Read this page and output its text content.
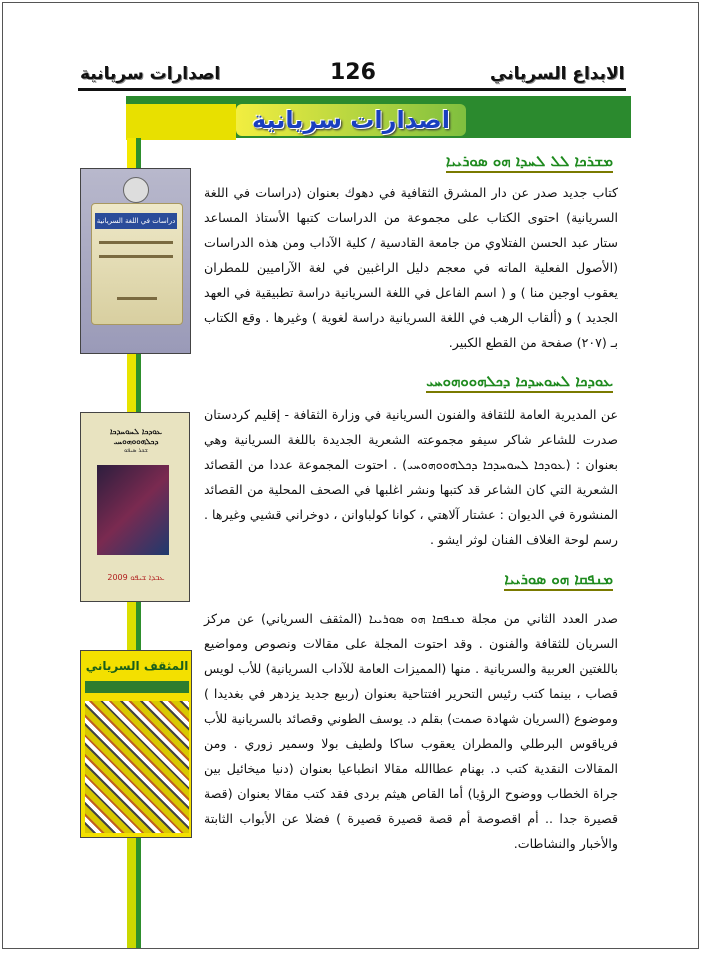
اصدارات سريانية	126	الابداع السرياني
اصدارات سريانية
ܡܫܪܟܐ ܠܠ ܠܚܕܐ ܗܘ ܣܘܪܝܝܐ
دراسات في اللغة السريانية

كتاب جديد صدر عن دار المشرق الثقافية في دهوك بعنوان (دراسات في اللغة السريانية) احتوى الكتاب على مجموعة من الدراسات كتبها الأستاذ المساعد ستار عبد الحسن الفتلاوي من جامعة القادسية / كلية الآداب ومن هذه الدراسات (الأصول الفعلية الماته في معجم دليل الراغبين في لغة الآراميين للمطران يعقوب اوجين منا ) و ( اسم الفاعل في اللغة السريانية دراسة تطبيقية في العهد الجديد ) و (ألقاب الرهب في اللغة السريانية دراسة لغوية ) وغيرها . وقع الكتاب بـ (٢٠٧) صفحة من القطع الكبير.

ܥܘܕܟܐ ܠܚܘܚܕܟܐ ܕܟܠܗܘܘܗܘܚܝ
ܥܘܕܟܐ ܠܚܘܚܕܟܐ ܕܟܠܗܘܘܗܘܚܝ
ܫܟܪ ܣܝܦܘ
ܥܒܕܐ ܫܝܦܘ 2009

عن المديرية العامة للثقافة والفنون السريانية في وزارة الثقافة - إقليم كردستان صدرت للشاعر شاكر سيفو مجموعته الشعرية الجديدة باللغة السريانية وهي بعنوان : (ܥܘܕܟܐ ܠܚܘܚܕܟܐ ܕܟܠܗܘܘܗܘܚܝ) . احتوت المجموعة عددا من القصائد الشعرية التي كان الشاعر قد كتبها ونشر اغلبها في الصحف المحلية من القصائد المنشورة في الديوان : عشتار آلاهتي ، كوانا كولباوانن ، دوخراني قشيي وغيرها . رسم لوحة الغلاف الفنان لوثر ايشو .

ܡܢܦܩܐ ܗܘ ܣܘܪܝܝܐ
المثقف السرياني

صدر العدد الثاني من مجلة ܡܢܦܩܐ ܗܘ ܣܘܪܝܝܐ (المثقف السرياني) عن مركز السريان للثقافة والفنون . وقد احتوت المجلة على مقالات ونصوص ومواضيع باللغتين العربية والسريانية . منها (المميزات العامة للآداب السريانية) للأب لويس قصاب ، بينما كتب رئيس التحرير افتتاحية بعنوان (ربيع جديد يزدهر في بغديدا ) وموضوع (السريان شهادة صمت) بقلم د. يوسف الطوني وقصائد بالسريانية للأب فرياقوس البرطلي والمطران يعقوب ساكا ولطيف بولا وسمير زوري . ومن المقالات النقدية كتب د. بهنام عطاالله مقالا انطباعيا بعنوان (دنيا ميخائيل بين جراة الخطاب ووضوح الرؤيا) أما القاص هيثم بردى فقد كتب مقالا بعنوان (قصة قصيرة جدا .. أم اقصوصة أم قصة قصيرة قصيرة ) فضلا عن الأبواب الثابتة والأخبار والنشاطات.
